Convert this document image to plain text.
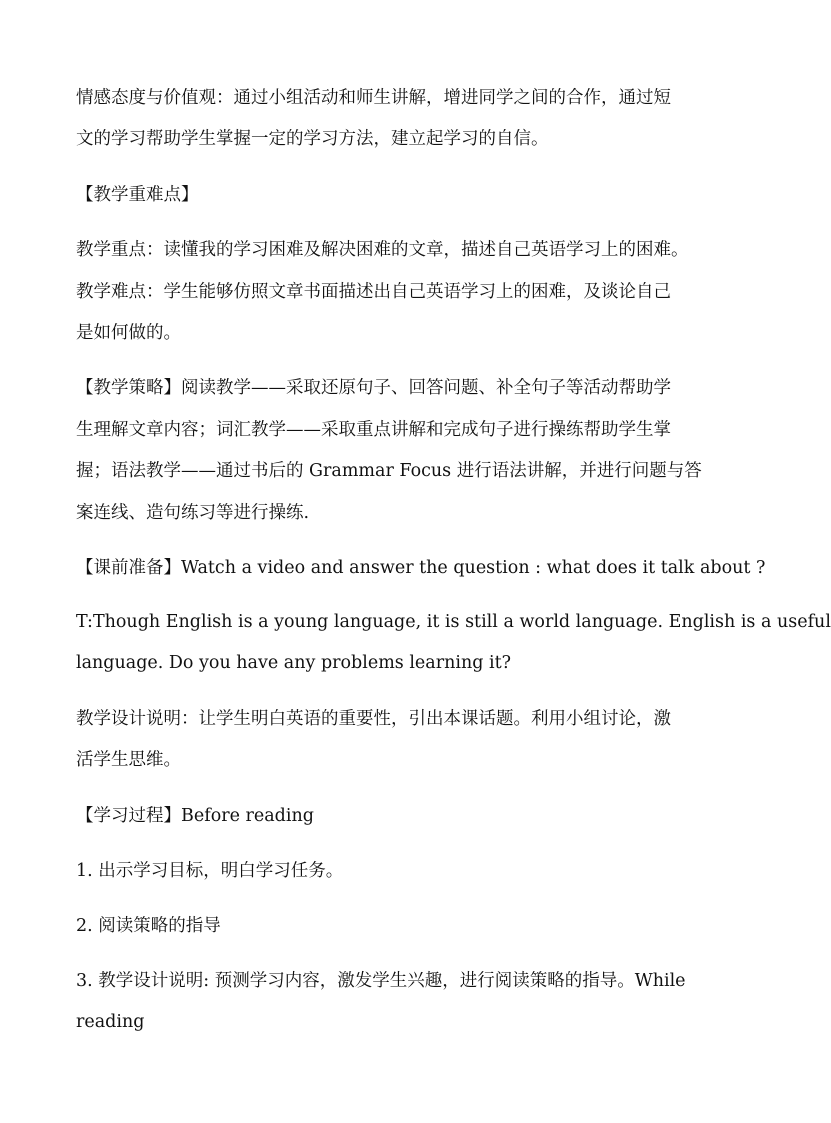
情感态度与价值观：通过小组活动和师生讲解，增进同学之间的合作，通过短
文的学习帮助学生掌握一定的学习方法，建立起学习的自信。
【教学重难点】
教学重点：读懂我的学习困难及解决困难的文章，描述自己英语学习上的困难。
教学难点：学生能够仿照文章书面描述出自己英语学习上的困难，及谈论自己
是如何做的。
【教学策略】阅读教学——采取还原句子、回答问题、补全句子等活动帮助学
生理解文章内容；词汇教学——采取重点讲解和完成句子进行操练帮助学生掌
握；语法教学——通过书后的 Grammar Focus 进行语法讲解，并进行问题与答
案连线、造句练习等进行操练.
【课前准备】Watch a video and answer the question : what does it talk about ?
T:Though English is a young language, it is still a world language. English is a useful
language. Do you have any problems learning it?
教学设计说明：让学生明白英语的重要性，引出本课话题。利用小组讨论，激
活学生思维。
【学习过程】Before reading
1. 出示学习目标，明白学习任务。
2. 阅读策略的指导
3. 教学设计说明: 预测学习内容，激发学生兴趣，进行阅读策略的指导。While
reading
